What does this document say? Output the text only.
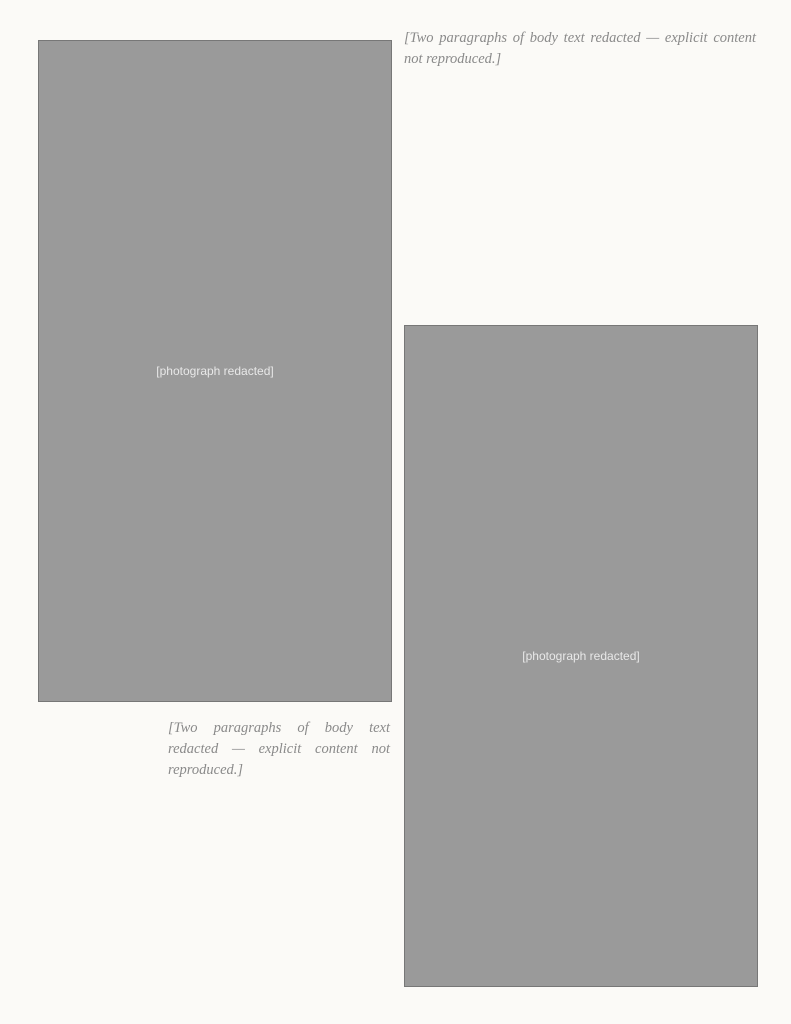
[photograph redacted]
[photograph redacted]
[Two paragraphs of body text redacted — explicit content not reproduced.]
[Two paragraphs of body text redacted — explicit content not reproduced.]
